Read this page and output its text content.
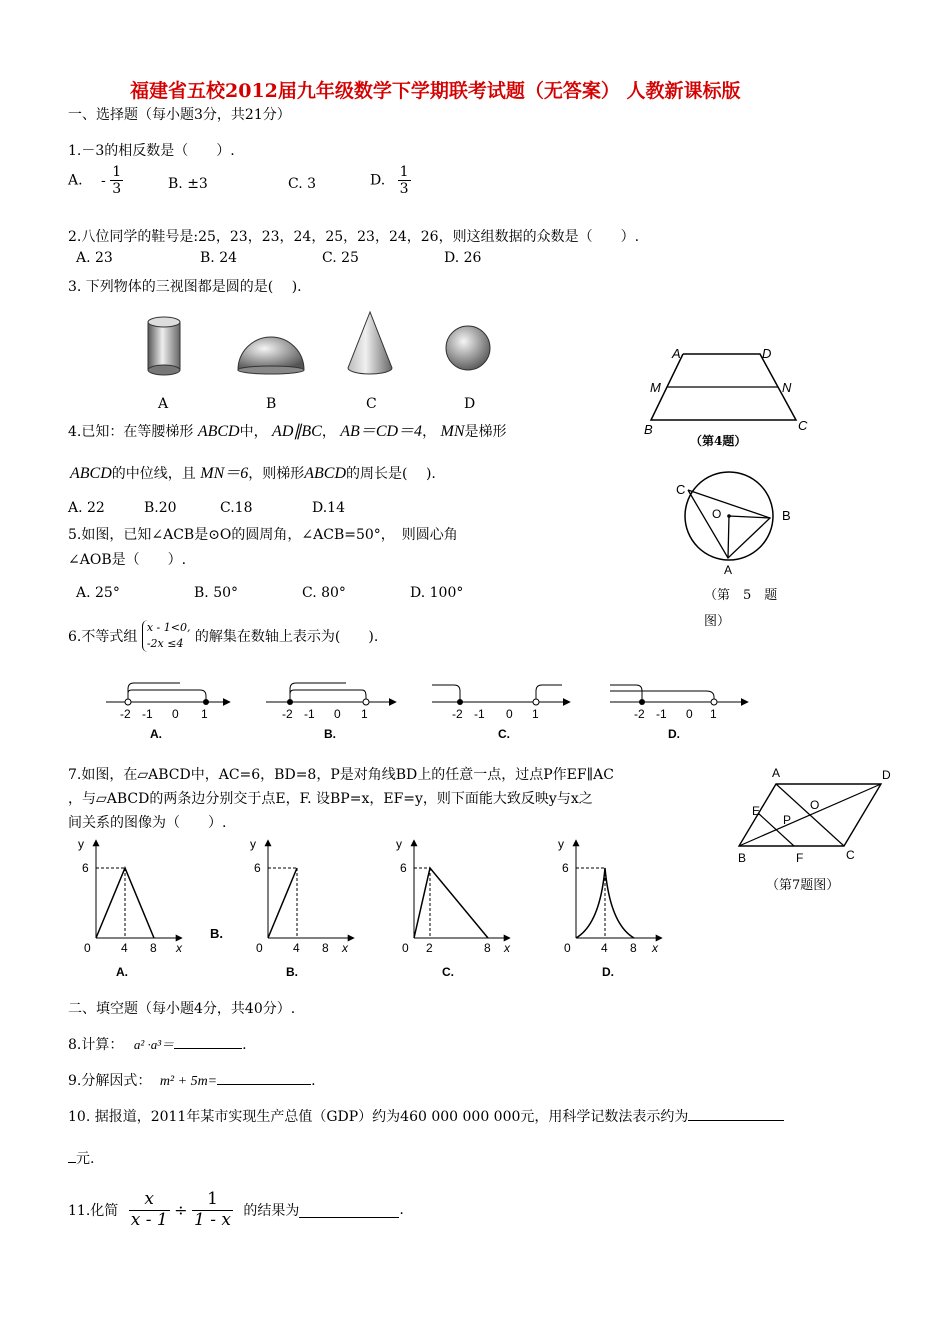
福建省五校2012届九年级数学下学期联考试题（无答案） 人教新课标版
一、选择题（每小题3分，共21分）
1.－3的相反数是（　　）.
A. - $\frac{1}{3}$	B. ±3	C. 3	D. $\frac{1}{3}$
2.八位同学的鞋号是:25，23，23，24，25，23，24，26，则这组数据的众数是（　　）.
A. 23	B. 24	C. 25	D. 26
3. 下列物体的三视图都是圆的是(　 ).
A	B	C	D
A	D
M	N
B	C
（第4题）
4.已知：在等腰梯形 ABCD中， AD∥BC， AB＝CD＝4， MN是梯形
ABCD的中位线，且 MN＝6，则梯形ABCD的周长是(　 ).
A. 22	B.20	C.18	D.14
C
O	B
A
（第　5　题
图）
5.如图，已知∠ACB是⊙O的圆周角，∠ACB=50°，　则圆心角
∠AOB是（　　）.
A. 25°	B. 50°	C. 80°	D. 100°
6.不等式组
x - 1<0,
-2x ≤4 的解集在数轴上表示为(　　).
-2 -1 0 1
A.
-2 -1 0 1
B.
-2 -1 0 1
C.
-2 -1 0 1
D.
7.如图，在▱ABCD中，AC=6，BD=8，P是对角线BD上的任意一点，过点P作EF∥AC
，与▱ABCD的两条边分别交于点E，F. 设BP=x，EF=y，则下面能大致反映y与x之
间关系的图像为（　　）.
A	D
E	O
P
B	F	C
（第7题图）
y
6
0	4 8 x
A.
y
6
0	4 8 x
B.
B.
y
6
0 2	8 x
C.
y
6
0	4 8 x
D.
二、填空题（每小题4分，共40分）.
8.计算： a² ·a³＝	.
9.分解因式： m² + 5m=	.
10. 据报道，2011年某市实现生产总值（GDP）约为460 000 000 000元，用科学记数法表示约为
元.
11.化简 $\frac{x}{x - 1} \div \frac{1}{1 - x}$ 的结果为	.
